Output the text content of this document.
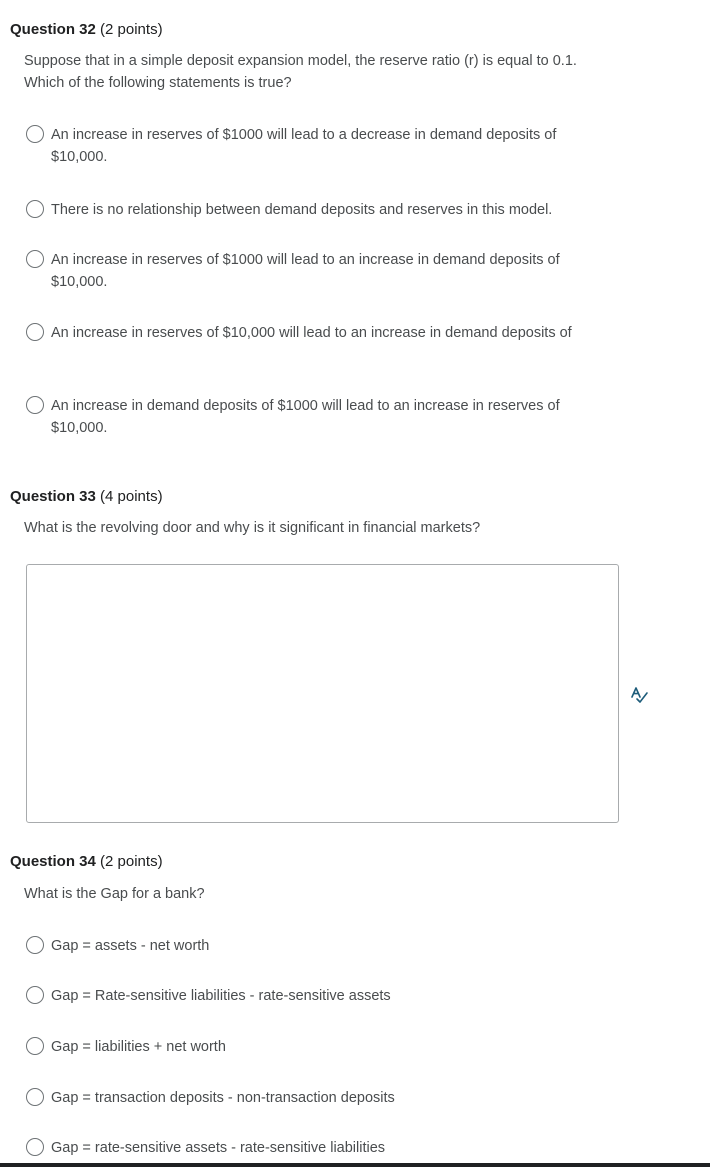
Question 32 (2 points)
Suppose that in a simple deposit expansion model, the reserve ratio (r) is equal to 0.1. Which of the following statements is true?
An increase in reserves of $1000 will lead to a decrease in demand deposits of $10,000.
There is no relationship between demand deposits and reserves in this model.
An increase in reserves of $1000 will lead to an increase in demand deposits of $10,000.
An increase in reserves of $10,000 will lead to an increase in demand deposits of
An increase in demand deposits of $1000 will lead to an increase in reserves of $10,000.
Question 33 (4 points)
What is the revolving door and why is it significant in financial markets?
Question 34 (2 points)
What is the Gap for a bank?
Gap = assets - net worth
Gap = Rate-sensitive liabilities - rate-sensitive assets
Gap = liabilities + net worth
Gap = transaction deposits - non-transaction deposits
Gap = rate-sensitive assets - rate-sensitive liabilities
